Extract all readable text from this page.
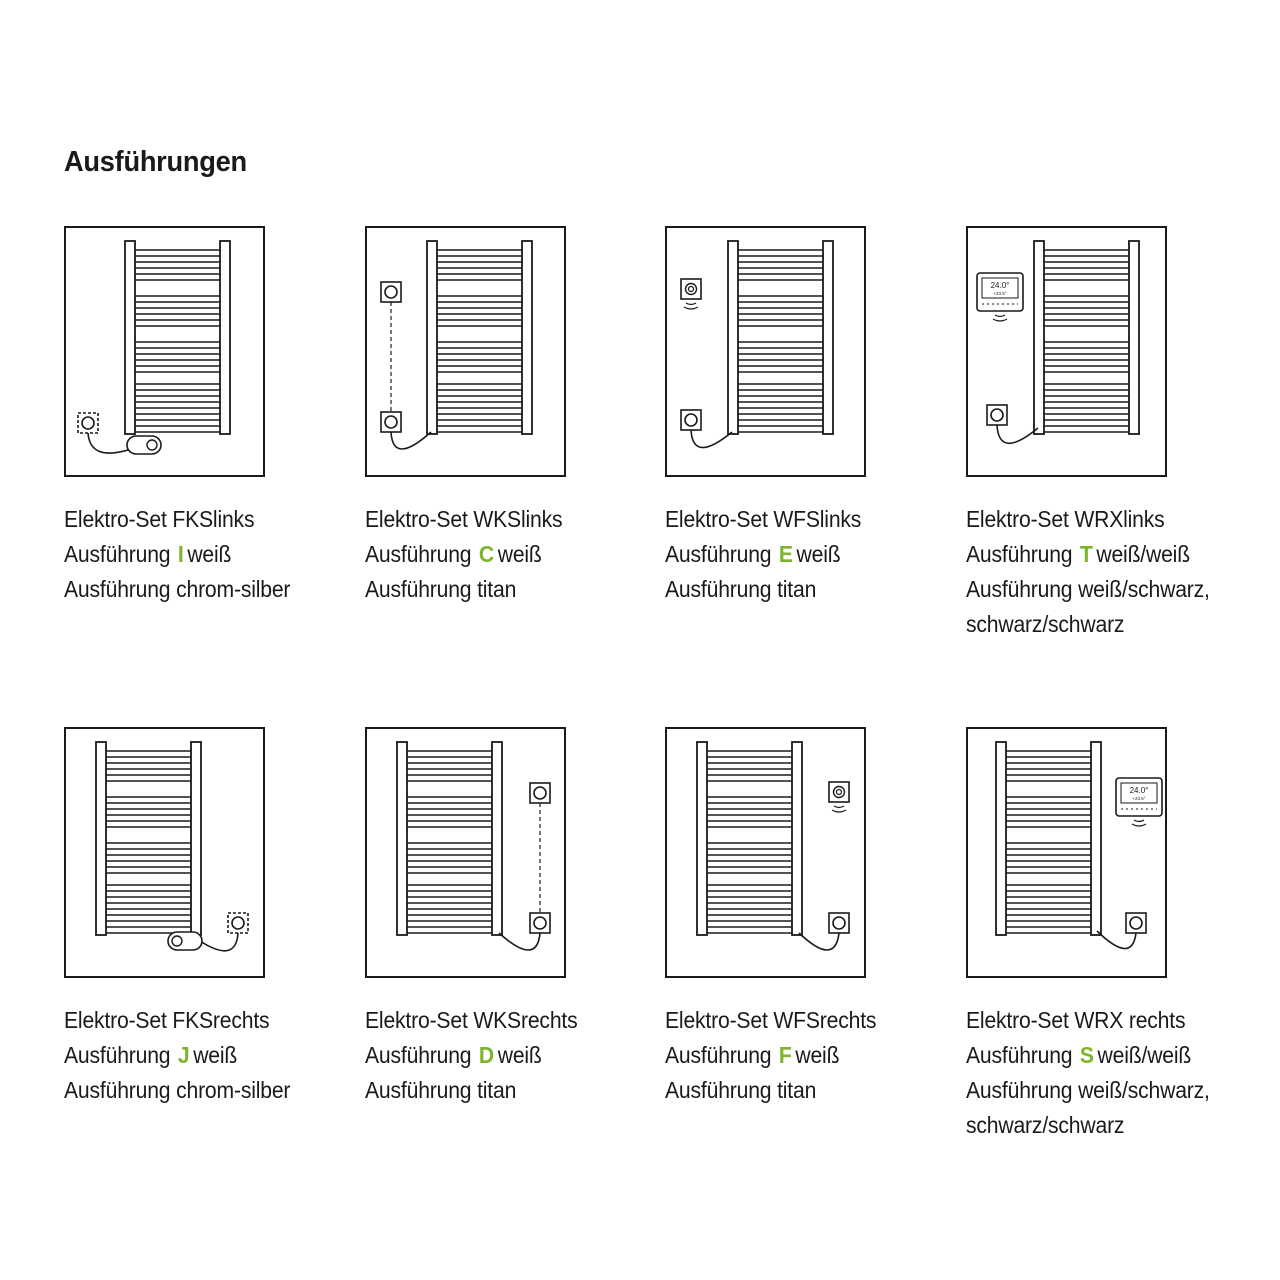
Ausführungen
Elektro-Set FKSlinks
Ausführung I weiß
Ausführung chrom-silber
Elektro-Set WKSlinks
Ausführung C weiß
Ausführung titan
Elektro-Set WFSlinks
Ausführung E weiß
Ausführung titan
24.0°
+23.5°
Elektro-Set WRXlinks
Ausführung T weiß/weiß
Ausführung weiß/schwarz,
schwarz/schwarz
Elektro-Set FKSrechts
Ausführung J weiß
Ausführung chrom-silber
Elektro-Set WKSrechts
Ausführung D weiß
Ausführung titan
Elektro-Set WFSrechts
Ausführung F weiß
Ausführung titan
24.0°
+23.5°
Elektro-Set WRX rechts
Ausführung S weiß/weiß
Ausführung weiß/schwarz,
schwarz/schwarz
